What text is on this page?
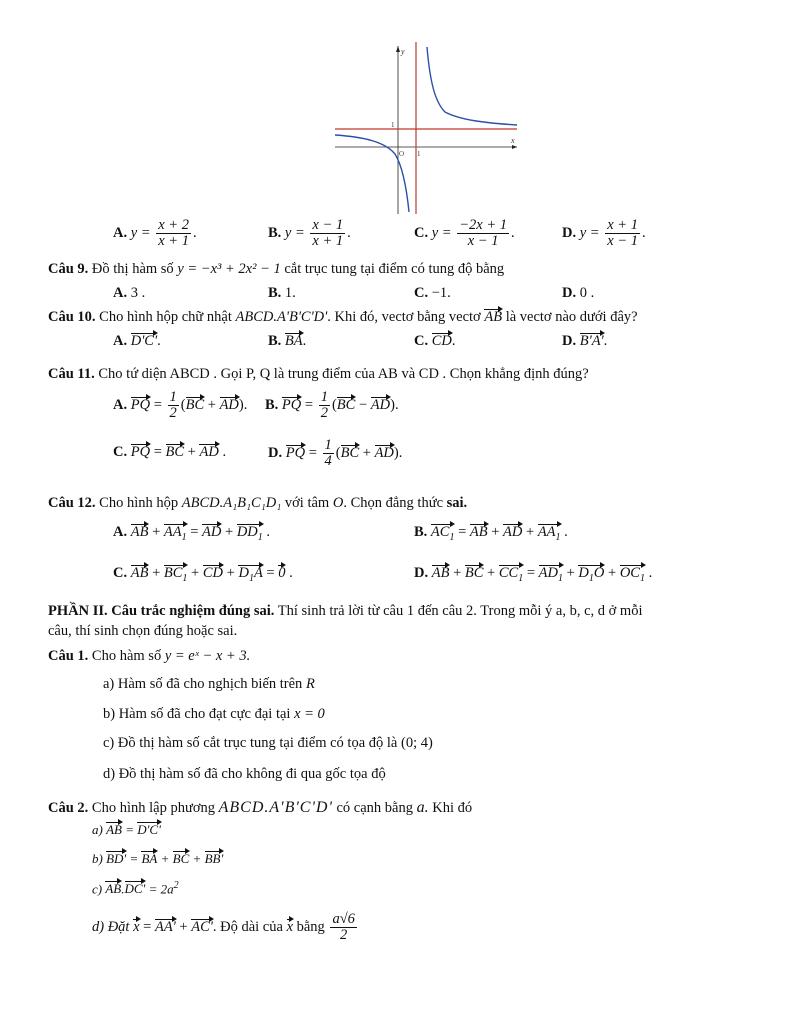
y
x
O 1
1
A. $y = \frac{x + 2}{x + 1}$ .	B. $y = \frac{x - 1}{x + 1}$ .	C. $y = \frac{-2x + 1}{x - 1}$ .	D. $y = \frac{x + 1}{x - 1}$ .
Câu 9. Đồ thị hàm số y = −x³ + 2x² − 1 cắt trục tung tại điểm có tung độ bằng
A. 3 .	B. 1.	C. −1.	D. 0 .
Câu 10. Cho hình hộp chữ nhật ABCD.A'B'C'D'. Khi đó, vectơ bằng vectơ AB là vectơ nào dưới đây?
A. D'C'.	B. BA.	C. CD.	D. B'A'.
Câu 11. Cho tứ diện ABCD . Gọi P, Q là trung điểm của AB và CD . Chọn khẳng định đúng?
A. PQ = $\frac{1}{2} (BC + AD)$. B. PQ = $\frac{1}{2} (BC - AD)$.
C. PQ = BC + AD .	D. PQ = $\frac{1}{4} (BC + AD)$.
Câu 12. Cho hình hộp ABCD.A₁B₁C₁D₁ với tâm O. Chọn đẳng thức sai.
A. AB + $AA_1$ = AD + $DD_1$ .	B. $AC_1$ = AB + AD + $AA_1$ .
C. AB + $BC_1$ + CD + $D_1A = 0$ .	D. AB + BC + $CC_1 = AD_1 + D_1O + OC_1$ .
PHẦN II. Câu trắc nghiệm đúng sai. Thí sinh trả lời từ câu 1 đến câu 2. Trong mỗi ý a, b, c, d ở mỗi
câu, thí sinh chọn đúng hoặc sai.
Câu 1. Cho hàm số y = eˣ − x + 3.
a) Hàm số đã cho nghịch biến trên R
b) Hàm số đã cho đạt cực đại tại x = 0
c) Đồ thị hàm số cắt trục tung tại điểm có tọa độ là (0; 4)
d) Đồ thị hàm số đã cho không đi qua gốc tọa độ
Câu 2. Cho hình lập phương ABCD.A'B'C'D' có cạnh bằng a. Khi đó
a) AB = D'C'
b) BD' = BA + BC + BB'
c) $AB.DC' = 2a^2$
d) Đặt x = AA' + AC'. Độ dài của x bằng $\frac{a√6}{2}$
